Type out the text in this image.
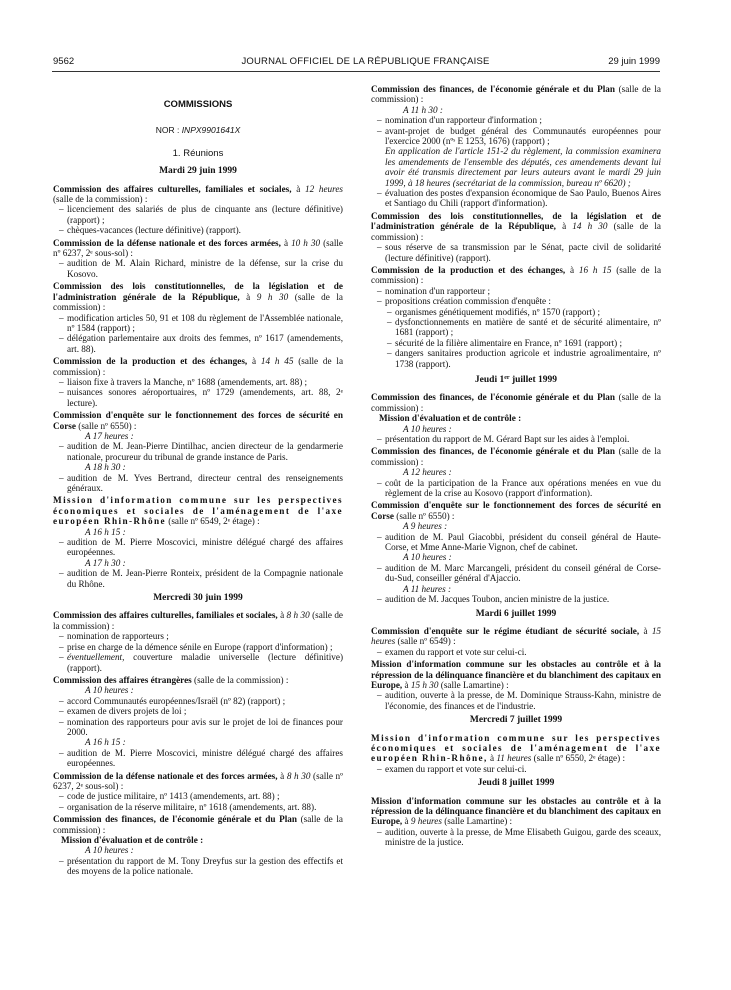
9562	JOURNAL OFFICIEL DE LA RÉPUBLIQUE FRANÇAISE	29 juin 1999
COMMISSIONS
NOR : INPX9901641X
1. Réunions
Mardi 29 juin 1999
Commission des affaires culturelles, familiales et sociales, à 12 heures (salle de la commission) :
– licenciement des salariés de plus de cinquante ans (lecture définitive) (rapport) ;
– chèques-vacances (lecture définitive) (rapport).
Commission de la défense nationale et des forces armées, à 10 h 30 (salle nº 6237, 2ᵉ sous-sol) :
– audition de M. Alain Richard, ministre de la défense, sur la crise du Kosovo.
Commission des lois constitutionnelles, de la législation et de l'administration générale de la République, à 9 h 30 (salle de la commission) :
– modification articles 50, 91 et 108 du règlement de l'Assemblée nationale, nº 1584 (rapport) ;
– délégation parlementaire aux droits des femmes, nº 1617 (amendements, art. 88).
Commission de la production et des échanges, à 14 h 45 (salle de la commission) :
– liaison fixe à travers la Manche, nº 1688 (amendements, art. 88) ;
– nuisances sonores aéroportuaires, nº 1729 (amendements, art. 88, 2ᵉ lecture).
Commission d'enquête sur le fonctionnement des forces de sécurité en Corse (salle nº 6550) :
A 17 heures :
– audition de M. Jean-Pierre Dintilhac, ancien directeur de la gendarmerie nationale, procureur du tribunal de grande instance de Paris.
A 18 h 30 :
– audition de M. Yves Bertrand, directeur central des renseignements généraux.
Mission d'information commune sur les perspectives économiques et sociales de l'aménagement de l'axe européen Rhin-Rhône (salle nº 6549, 2ᵉ étage) :
A 16 h 15 :
– audition de M. Pierre Moscovici, ministre délégué chargé des affaires européennes.
A 17 h 30 :
– audition de M. Jean-Pierre Ronteix, président de la Compagnie nationale du Rhône.
Mercredi 30 juin 1999
Commission des affaires culturelles, familiales et sociales, à 8 h 30 (salle de la commission) :
– nomination de rapporteurs ;
– prise en charge de la démence sénile en Europe (rapport d'information) ;
– éventuellement, couverture maladie universelle (lecture définitive) (rapport).
Commission des affaires étrangères (salle de la commission) :
A 10 heures :
– accord Communautés européennes/Israël (nº 82) (rapport) ;
– examen de divers projets de loi ;
– nomination des rapporteurs pour avis sur le projet de loi de finances pour 2000.
A 16 h 15 :
– audition de M. Pierre Moscovici, ministre délégué chargé des affaires européennes.
Commission de la défense nationale et des forces armées, à 8 h 30 (salle nº 6237, 2ᵉ sous-sol) :
– code de justice militaire, nº 1413 (amendements, art. 88) ;
– organisation de la réserve militaire, nº 1618 (amendements, art. 88).
Commission des finances, de l'économie générale et du Plan (salle de la commission) :
Mission d'évaluation et de contrôle :
A 10 heures :
– présentation du rapport de M. Tony Dreyfus sur la gestion des effectifs et des moyens de la police nationale.
Commission des finances, de l'économie générale et du Plan (salle de la commission) :
A 11 h 30 :
– nomination d'un rapporteur d'information ;
– avant-projet de budget général des Communautés européennes pour l'exercice 2000 (nºˢ E 1253, 1676) (rapport) ;
En application de l'article 151-2 du règlement, la commission examinera les amendements de l'ensemble des députés, ces amendements devant lui avoir été transmis directement par leurs auteurs avant le mardi 29 juin 1999, à 18 heures (secrétariat de la commission, bureau nº 6620) ;
– évaluation des postes d'expansion économique de Sao Paulo, Buenos Aires et Santiago du Chili (rapport d'information).
Commission des lois constitutionnelles, de la législation et de l'administration générale de la République, à 14 h 30 (salle de la commission) :
– sous réserve de sa transmission par le Sénat, pacte civil de solidarité (lecture définitive) (rapport).
Commission de la production et des échanges, à 16 h 15 (salle de la commission) :
– nomination d'un rapporteur ;
– propositions création commission d'enquête :
– organismes génétiquement modifiés, nº 1570 (rapport) ;
– dysfonctionnements en matière de santé et de sécurité alimentaire, nº 1681 (rapport) ;
– sécurité de la filière alimentaire en France, nº 1691 (rapport) ;
– dangers sanitaires production agricole et industrie agroalimentaire, nº 1738 (rapport).
Jeudi 1er juillet 1999
Commission des finances, de l'économie générale et du Plan (salle de la commission) :
Mission d'évaluation et de contrôle :
A 10 heures :
– présentation du rapport de M. Gérard Bapt sur les aides à l'emploi.
Commission des finances, de l'économie générale et du Plan (salle de la commission) :
A 12 heures :
– coût de la participation de la France aux opérations menées en vue du règlement de la crise au Kosovo (rapport d'information).
Commission d'enquête sur le fonctionnement des forces de sécurité en Corse (salle nº 6550) :
A 9 heures :
– audition de M. Paul Giacobbi, président du conseil général de Haute-Corse, et Mme Anne-Marie Vignon, chef de cabinet.
A 10 heures :
– audition de M. Marc Marcangeli, président du conseil général de Corse-du-Sud, conseiller général d'Ajaccio.
A 11 heures :
– audition de M. Jacques Toubon, ancien ministre de la justice.
Mardi 6 juillet 1999
Commission d'enquête sur le régime étudiant de sécurité sociale, à 15 heures (salle nº 6549) :
– examen du rapport et vote sur celui-ci.
Mission d'information commune sur les obstacles au contrôle et à la répression de la délinquance financière et du blanchiment des capitaux en Europe, à 15 h 30 (salle Lamartine) :
– audition, ouverte à la presse, de M. Dominique Strauss-Kahn, ministre de l'économie, des finances et de l'industrie.
Mercredi 7 juillet 1999
Mission d'information commune sur les perspectives économiques et sociales de l'aménagement de l'axe européen Rhin-Rhône, à 11 heures (salle nº 6550, 2ᵉ étage) :
– examen du rapport et vote sur celui-ci.
Jeudi 8 juillet 1999
Mission d'information commune sur les obstacles au contrôle et à la répression de la délinquance financière et du blanchiment des capitaux en Europe, à 9 heures (salle Lamartine) :
– audition, ouverte à la presse, de Mme Elisabeth Guigou, garde des sceaux, ministre de la justice.
